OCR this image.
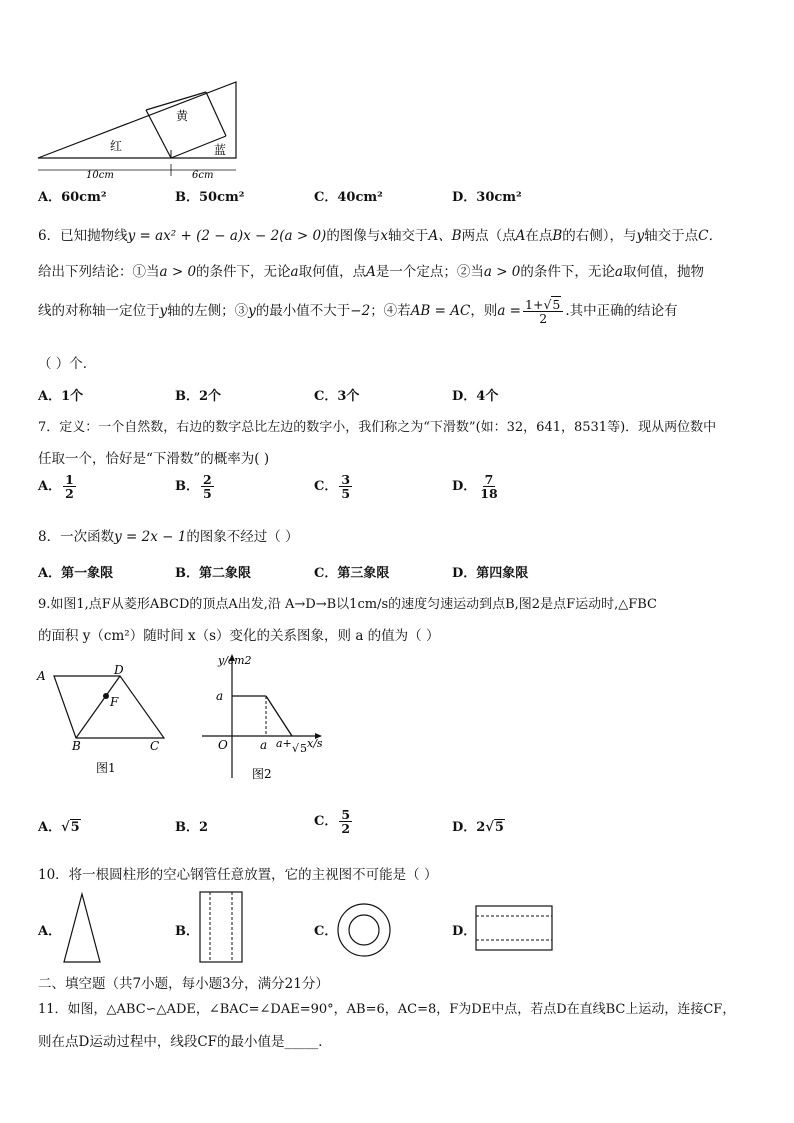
黄
红	蓝
10cm	6cm
A．60cm²	B．50cm²	C．40cm²	D．30cm²
6．已知抛物线y = ax² + (2 − a)x − 2(a > 0)的图像与x轴交于A、B两点（点A在点B的右侧），与y轴交于点C．
给出下列结论：①当a > 0的条件下，无论a取何值，点A是一个定点；②当a > 0的条件下，无论a取何值，抛物
线的对称轴一定位于y轴的左侧；③y的最小值不大于−2；④若AB = AC，则$a = \frac{1+√5}{2}$ .其中正确的结论有
（ ）个．
A．1个	B．2个	C．3个	D．4个
7．定义：一个自然数，右边的数字总比左边的数字小，我们称之为“下滑数”(如：32，641，8531等)．现从两位数中
任取一个，恰好是“下滑数”的概率为( )
A． $\frac{1}{2}$	B． $\frac{2}{5}$	C． $\frac{3}{5}$	D． $\frac{7}{18}$
8．一次函数y = 2x − 1的图象不经过（ ）
A．第一象限	B．第二象限	C．第三象限	D．第四象限
9.如图1,点F从菱形ABCD的顶点A出发,沿 A→D→B以1cm/s的速度匀速运动到点B,图2是点F运动时,△FBC
的面积 y（cm²）随时间 x（s）变化的关系图象，则 a 的值为（ ）
A	D
F
B	C
图1
y/cm2
a
O	a a+ √ 5 x/s
图2
A．√5	B．2	C． $\frac{5}{2}$	D．2√5
10．将一根圆柱形的空心钢管任意放置，它的主视图不可能是（ ）
A．	B．	C．	D．
二、填空题（共7小题，每小题3分，满分21分）
11．如图，△ABC∽△ADE，∠BAC=∠DAE=90°，AB=6，AC=8，F为DE中点，若点D在直线BC上运动，连接CF，
则在点D运动过程中，线段CF的最小值是_____．
